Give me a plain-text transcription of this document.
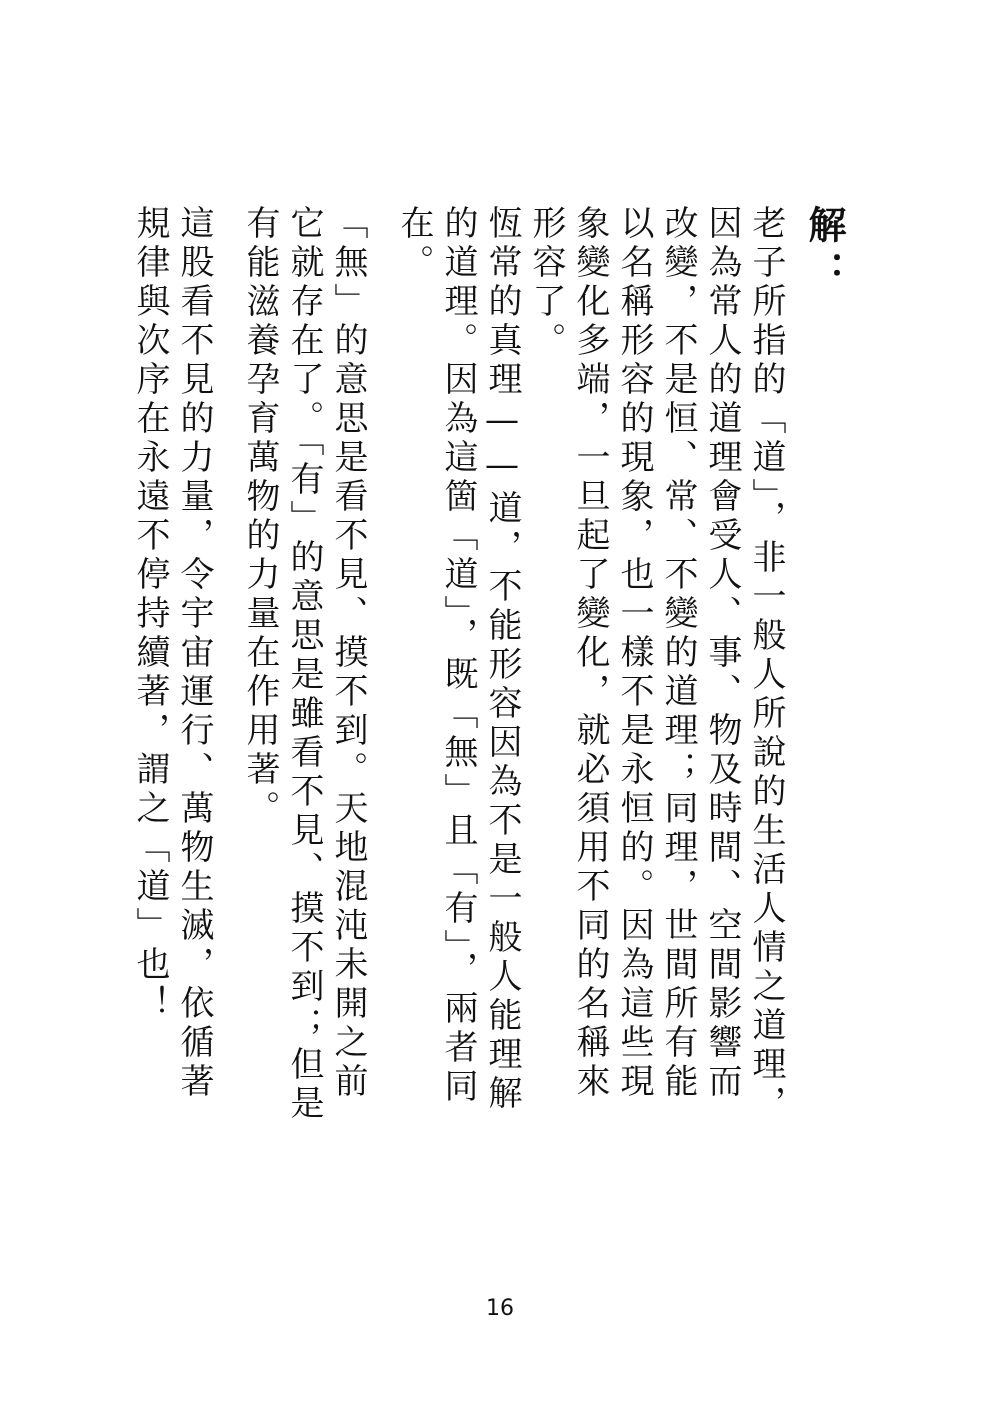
解：

老子所指的「道」，非一般人所說的生活人情之道理，因為常人的道理會受人、事、物及時間、空間影響而改變，不是恒、常、不變的道理；同理，世間所有能以名稱形容的現象，也一樣不是永恒的。因為這些現象變化多端，一旦起了變化，就必須用不同的名稱來形容了。

恆常的真理——道，不能形容因為不是一般人能理解的道理。因為這箇「道」，既「無」且「有」，兩者同在。

「無」的意思是看不見、摸不到。天地混沌未開之前它就存在了。「有」的意思是雖看不見、摸不到；但是有能滋養孕育萬物的力量在作用著。

這股看不見的力量，令宇宙運行、萬物生滅，依循著規律與次序在永遠不停持續著，謂之「道」也！

16
